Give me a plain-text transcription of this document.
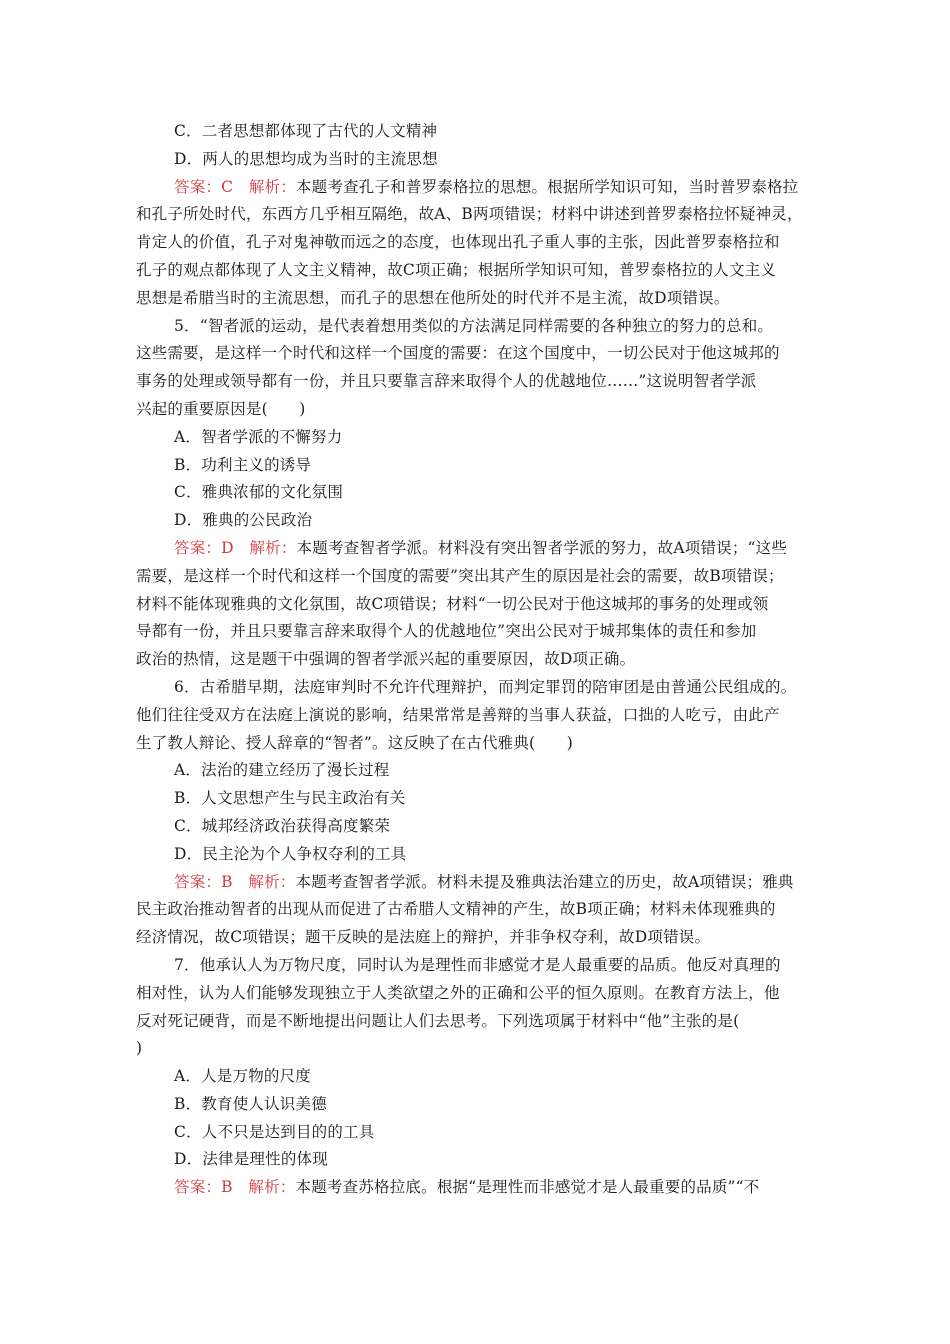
C．二者思想都体现了古代的人文精神
D．两人的思想均成为当时的主流思想
答案：C　解析：本题考查孔子和普罗泰格拉的思想。根据所学知识可知，当时普罗泰格拉
和孔子所处时代，东西方几乎相互隔绝，故A、B两项错误；材料中讲述到普罗泰格拉怀疑神灵，
肯定人的价值，孔子对鬼神敬而远之的态度，也体现出孔子重人事的主张，因此普罗泰格拉和
孔子的观点都体现了人文主义精神，故C项正确；根据所学知识可知，普罗泰格拉的人文主义
思想是希腊当时的主流思想，而孔子的思想在他所处的时代并不是主流，故D项错误。
5．“智者派的运动，是代表着想用类似的方法满足同样需要的各种独立的努力的总和。
这些需要，是这样一个时代和这样一个国度的需要：在这个国度中，一切公民对于他这城邦的
事务的处理或领导都有一份，并且只要靠言辞来取得个人的优越地位……”这说明智者学派
兴起的重要原因是(　　)
A．智者学派的不懈努力
B．功利主义的诱导
C．雅典浓郁的文化氛围
D．雅典的公民政治
答案：D　解析：本题考查智者学派。材料没有突出智者学派的努力，故A项错误；“这些
需要，是这样一个时代和这样一个国度的需要”突出其产生的原因是社会的需要，故B项错误；
材料不能体现雅典的文化氛围，故C项错误；材料“一切公民对于他这城邦的事务的处理或领
导都有一份，并且只要靠言辞来取得个人的优越地位”突出公民对于城邦集体的责任和参加
政治的热情，这是题干中强调的智者学派兴起的重要原因，故D项正确。
6．古希腊早期，法庭审判时不允许代理辩护，而判定罪罚的陪审团是由普通公民组成的。
他们往往受双方在法庭上演说的影响，结果常常是善辩的当事人获益，口拙的人吃亏，由此产
生了教人辩论、授人辞章的“智者”。这反映了在古代雅典(　　)
A．法治的建立经历了漫长过程
B．人文思想产生与民主政治有关
C．城邦经济政治获得高度繁荣
D．民主沦为个人争权夺利的工具
答案：B　解析：本题考查智者学派。材料未提及雅典法治建立的历史，故A项错误；雅典
民主政治推动智者的出现从而促进了古希腊人文精神的产生，故B项正确；材料未体现雅典的
经济情况，故C项错误；题干反映的是法庭上的辩护，并非争权夺利，故D项错误。
7．他承认人为万物尺度，同时认为是理性而非感觉才是人最重要的品质。他反对真理的
相对性，认为人们能够发现独立于人类欲望之外的正确和公平的恒久原则。在教育方法上，他
反对死记硬背，而是不断地提出问题让人们去思考。下列选项属于材料中“他”主张的是(
)
A．人是万物的尺度
B．教育使人认识美德
C．人不只是达到目的的工具
D．法律是理性的体现
答案：B　解析：本题考查苏格拉底。根据“是理性而非感觉才是人最重要的品质”“不
